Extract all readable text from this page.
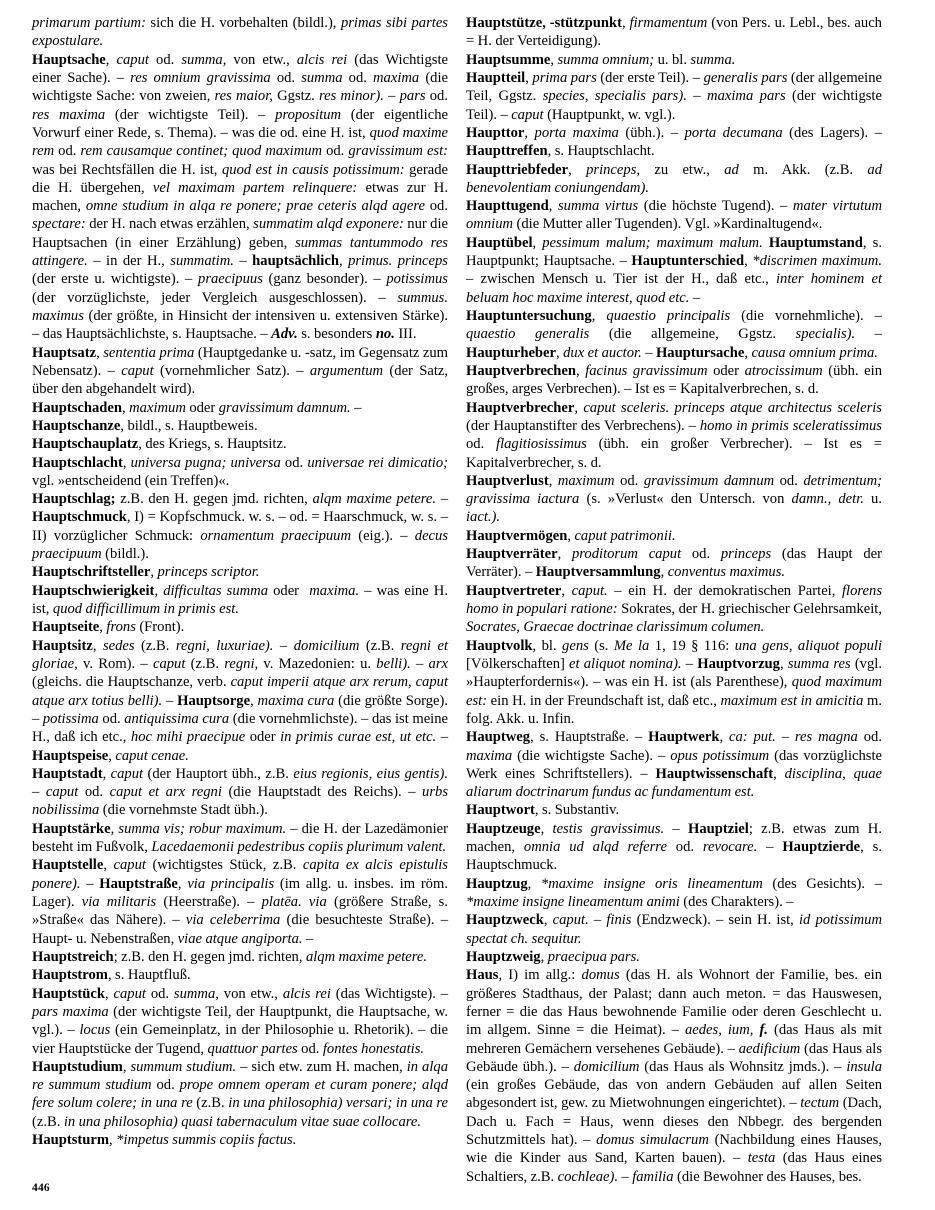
primarum partium: sich die H. vorbehalten (bildl.), primas sibi partes expostulare.

Hauptsache, caput od. summa, von etw., alcis rei (das Wichtigste einer Sache). – res omnium gravissima od. summa od. maxima (die wichtigste Sache: von zweien, res maior, Ggstz. res minor). – pars od. res maxima (der wichtigste Teil). – propositum (der eigentliche Vorwurf einer Rede, s. Thema). – was die od. eine H. ist, quod maxime rem od. rem causamque continet; quod maximum od. gravissimum est: was bei Rechtsfällen die H. ist, quod est in causis potissimum: gerade die H. übergehen, vel maximam partem relinquere: etwas zur H. machen, omne studium in alqa re ponere; prae ceteris alqd agere od. spectare: der H. nach etwas erzählen, summatim alqd exponere: nur die Hauptsachen (in einer Erzählung) geben, summas tantummodo res attingere. – in der H., summatim. – hauptsächlich, primus. princeps (der erste u. wichtigste). – praecipuus (ganz besonder). – potissimus (der vorzüglichste, jeder Vergleich ausgeschlossen). – summus. maximus (der größte, in Hinsicht der intensiven u. extensiven Stärke). – das Hauptsächlichste, s. Hauptsache. – Adv. s. besonders no. III.

Hauptsatz, sententia prima (Hauptgedanke u. -satz, im Gegensatz zum Nebensatz). – caput (vornehmlicher Satz). – argumentum (der Satz, über den abgehandelt wird).

Hauptschaden, maximum oder gravissimum damnum. –

Hauptschanze, bildl., s. Hauptbeweis.

Hauptschauplatz, des Kriegs, s. Hauptsitz.

Hauptschlacht, universa pugna; universa od. universae rei dimicatio; vgl. »entscheidend (ein Treffen)«.

Hauptschlag; z.B. den H. gegen jmd. richten, alqm maxime petere. – Hauptschmuck, I) = Kopfschmuck. w. s. – od. = Haarschmuck, w. s. – II) vorzüglicher Schmuck: ornamentum praecipuum (eig.). – decus praecipuum (bildl.).

Hauptschriftsteller, princeps scriptor.

Hauptschwierigkeit, difficultas summa oder  maxima. – was eine H. ist, quod difficillimum in primis est.

Hauptseite, frons (Front).

Hauptsitz, sedes (z.B. regni, luxuriae). – domicilium (z.B. regni et gloriae, v. Rom). – caput (z.B. regni, v. Mazedonien: u. belli). – arx (gleichs. die Hauptschanze, verb. caput imperii atque arx rerum, caput atque arx totius belli). – Hauptsorge, maxima cura (die größte Sorge). – potissima od. antiquissima cura (die vornehmlichste). – das ist meine H., daß ich etc., hoc mihi praecipue oder in primis curae est, ut etc. – Hauptspeise, caput cenae.

Hauptstadt, caput (der Hauptort übh., z.B. eius regionis, eius gentis). – caput od. caput et arx regni (die Hauptstadt des Reichs). – urbs nobilissima (die vornehmste Stadt übh.).

Hauptstärke, summa vis; robur maximum. – die H. der Lazedämonier besteht im Fußvolk, Lacedaemonii pedestribus copiis plurimum valent.

Hauptstelle, caput (wichtigstes Stück, z.B. capita ex alcis epistulis ponere). – Hauptstraße, via principalis (im allg. u. insbes. im röm. Lager). via militaris (Heerstraße). – platēa. via (größere Straße, s. »Straße« das Nähere). – via celeberrima (die besuchteste Straße). – Haupt- u. Nebenstraßen, viae atque angiporta. –

Hauptstreich; z.B. den H. gegen jmd. richten, alqm maxime petere.

Hauptstrom, s. Hauptfluß.

Hauptstück, caput od. summa, von etw., alcis rei (das Wichtigste). – pars maxima (der wichtigste Teil, der Hauptpunkt, die Hauptsache, w. vgl.). – locus (ein Gemeinplatz, in der Philosophie u. Rhetorik). – die vier Hauptstücke der Tugend, quattuor partes od. fontes honestatis.

Hauptstudium, summum studium. – sich etw. zum H. machen, in alqa re summum studium od. prope omnem operam et curam ponere; alqd fere solum colere; in una re (z.B. in una philosophia) versari; in una re (z.B. in una philosophia) quasi tabernaculum vitae suae collocare.

Hauptsturm, *impetus summis copiis factus.

Hauptstütze, -stützpunkt, firmamentum (von Pers. u. Lebl., bes. auch = H. der Verteidigung).

Hauptsumme, summa omnium; u. bl. summa.

Hauptteil, prima pars (der erste Teil). – generalis pars (der allgemeine Teil, Ggstz. species, specialis pars). – maxima pars (der wichtigste Teil). – caput (Hauptpunkt, w. vgl.).

Haupttor, porta maxima (übh.). – porta decumana (des Lagers). – Haupttreffen, s. Hauptschlacht.

Haupttriebfeder, princeps, zu etw., ad m. Akk. (z.B. ad benevolentiam coniungendam).

Haupttugend, summa virtus (die höchste Tugend). – mater virtutum omnium (die Mutter aller Tugenden). Vgl. »Kardinaltugend«.

Hauptübel, pessimum malum; maximum malum. Hauptumstand, s. Hauptpunkt; Hauptsache. – Hauptunterschied, *discrimen maximum. – zwischen Mensch u. Tier ist der H., daß etc., inter hominem et beluam hoc maxime interest, quod etc. –

Hauptuntersuchung, quaestio principalis (die vornehmliche). – quaestio generalis (die allgemeine, Ggstz. specialis). – Haupturheber, dux et auctor. – Hauptursache, causa omnium prima.

Hauptverbrechen, facinus gravissimum oder atrocissimum (übh. ein großes, arges Verbrechen). – Ist es = Kapitalverbrechen, s. d.

Hauptverbrecher, caput sceleris. princeps atque architectus sceleris (der Hauptanstifter des Verbrechens). – homo in primis sceleratissimus od. flagitiosissimus (übh. ein großer Verbrecher). – Ist es = Kapitalverbrecher, s. d.

Hauptverlust, maximum od. gravissimum damnum od. detrimentum; gravissima iactura (s. »Verlust« den Untersch. von damn., detr. u. iact.).

Hauptvermögen, caput patrimonii.

Hauptverräter, proditorum caput od. princeps (das Haupt der Verräter). – Hauptversammlung, conventus maximus.

Hauptvertreter, caput. – ein H. der demokratischen Partei, florens homo in populari ratione: Sokrates, der H. griechischer Gelehrsamkeit, Socrates, Graecae doctrinae clarissimum columen.

Hauptvolk, bl. gens (s. Me la 1, 19 § 116: una gens, aliquot populi [Völkerschaften] et aliquot nomina). – Hauptvorzug, summa res (vgl. »Haupterfordernis«). – was ein H. ist (als Parenthese), quod maximum est: ein H. in der Freundschaft ist, daß etc., maximum est in amicitia m. folg. Akk. u. Infin.

Hauptweg, s. Hauptstraße. – Hauptwerk, ca: put. – res magna od. maxima (die wichtigste Sache). – opus potissimum (das vorzüglichste Werk eines Schriftstellers). – Hauptwissenschaft, disciplina, quae aliarum doctrinarum fundus ac fundamentum est.

Hauptwort, s. Substantiv.

Hauptzeuge, testis gravissimus. – Hauptziel; z.B. etwas zum H. machen, omnia ud alqd referre od. revocare. – Hauptzierde, s. Hauptschmuck.

Hauptzug, *maxime insigne oris lineamentum (des Gesichts). – *maxime insigne lineamentum animi (des Charakters). –

Hauptzweck, caput. – finis (Endzweck). – sein H. ist, id potissimum spectat ch. sequitur.

Hauptzweig, praecipua pars.

Haus, I) im allg.: domus (das H. als Wohnort der Familie, bes. ein größeres Stadthaus, der Palast; dann auch meton. = das Hauswesen, ferner = die das Haus bewohnende Familie oder deren Geschlecht u. im allgem. Sinne = die Heimat). – aedes, ium, f. (das Haus als mit mehreren Gemächern versehenes Gebäude). – aedificium (das Haus als Gebäude übh.). – domicilium (das Haus als Wohnsitz jmds.). – insula (ein großes Gebäude, das von andern Gebäuden auf allen Seiten abgesondert ist, gew. zu Mietwohnungen eingerichtet). – tectum (Dach, Dach u. Fach = Haus, wenn dieses den Nbbegr. des bergenden Schutzmittels hat). – domus simulacrum (Nachbildung eines Hauses, wie die Kinder aus Sand, Karten bauen). – testa (das Haus eines Schaltiers, z.B. cochleae). – familia (die Bewohner des Hauses, bes.

446
